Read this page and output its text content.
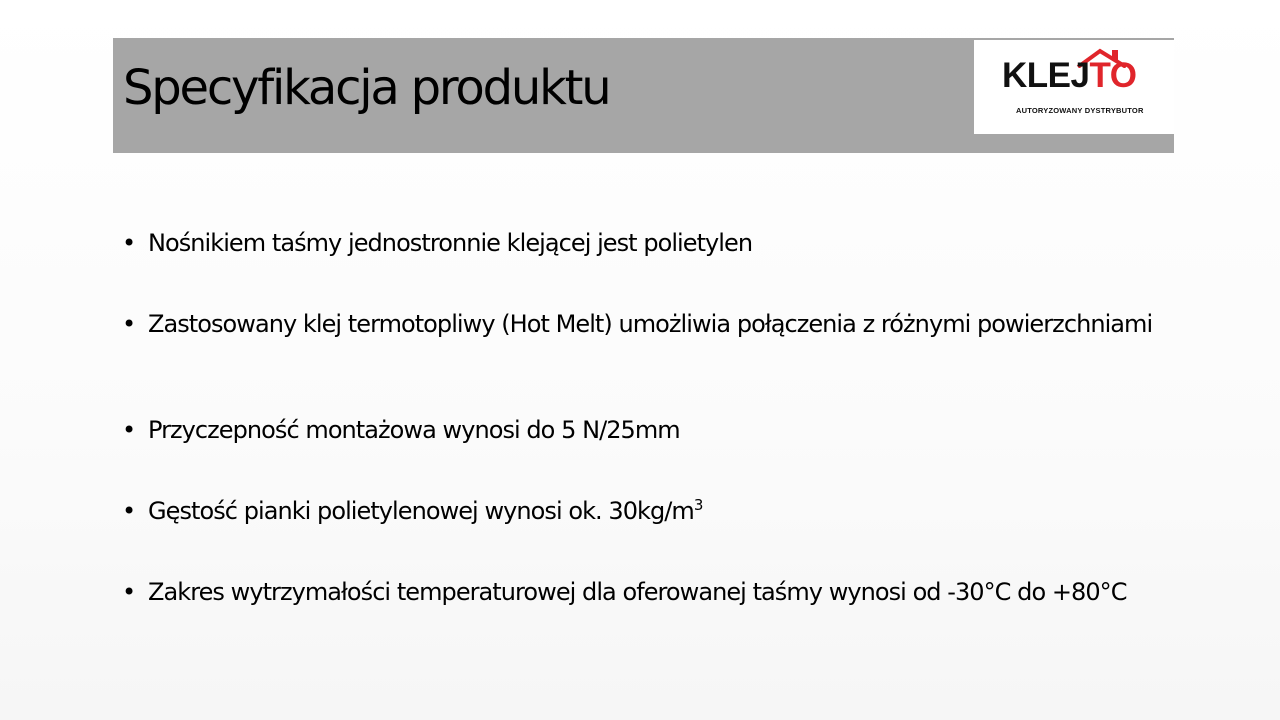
Specyfikacja produktu	KLEJTO
AUTORYZOWANY DYSTRYBUTOR
• Nośnikiem taśmy jednostronnie klejącej jest polietylen
• Zastosowany klej termotopliwy (Hot Melt) umożliwia połączenia z różnymi powierzchniami
• Przyczepność montażowa wynosi do 5 N/25mm
• Gęstość pianki polietylenowej wynosi ok. $30kg/m^3$
• Zakres wytrzymałości temperaturowej dla oferowanej taśmy wynosi od -30°C do +80°C
